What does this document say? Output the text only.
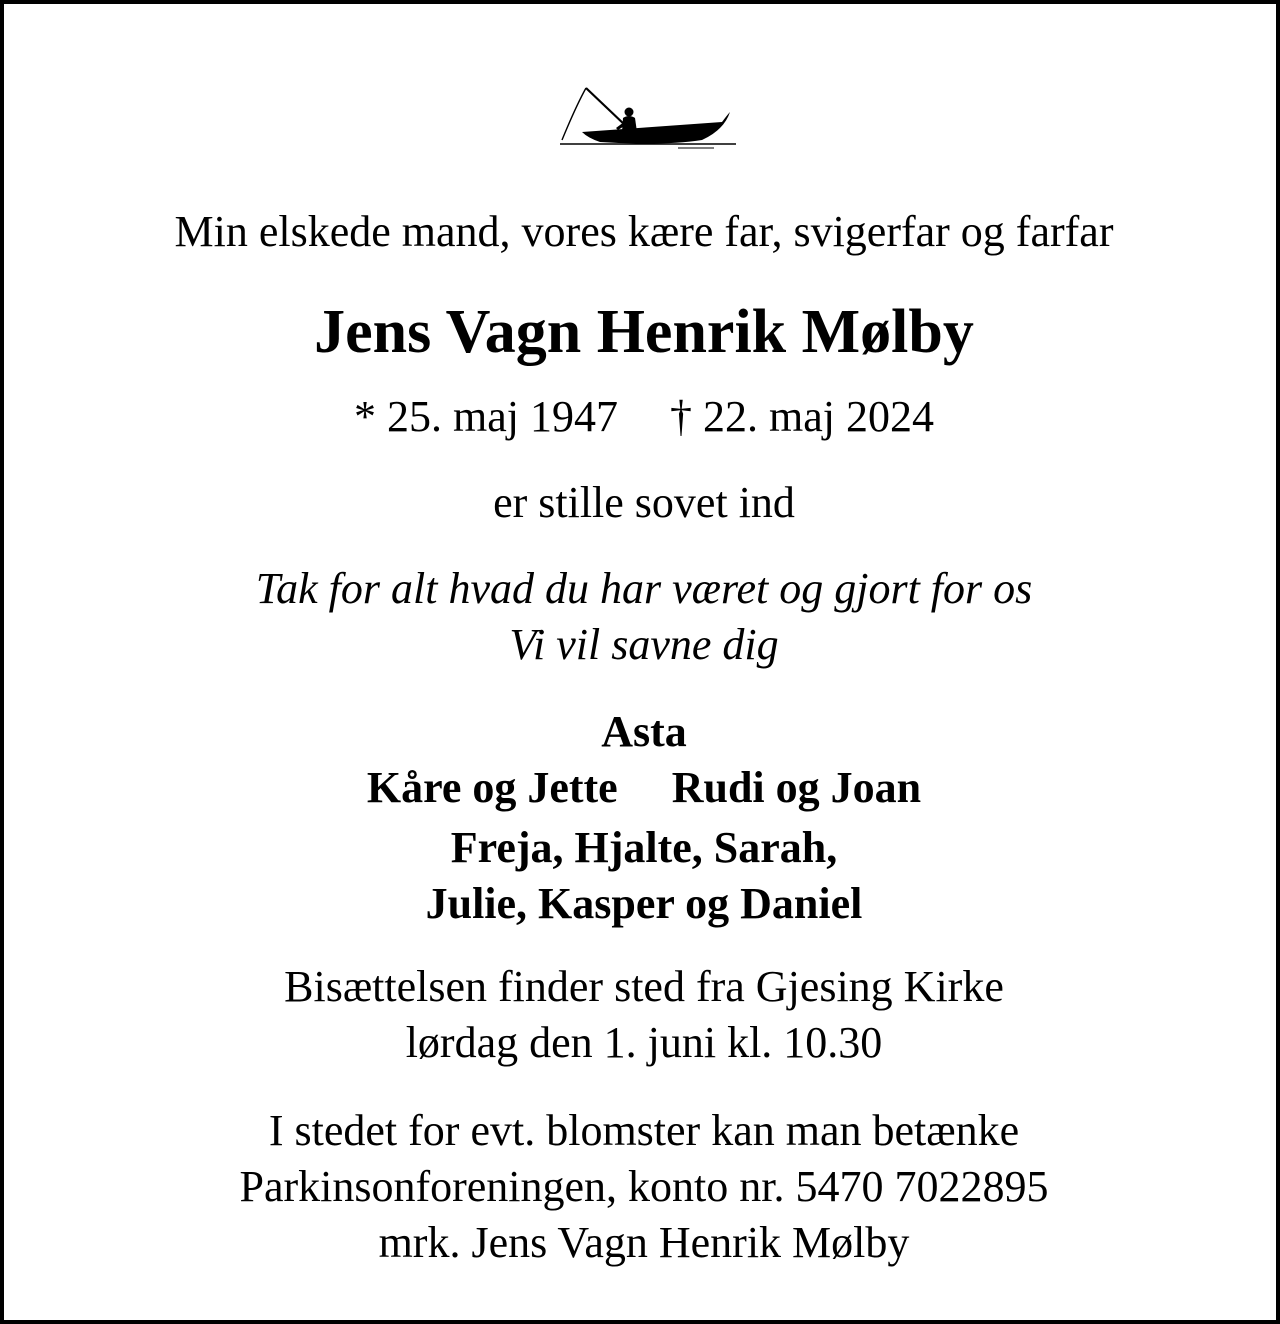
Min elskede mand, vores kære far, svigerfar og farfar
Jens Vagn Henrik Mølby
* 25. maj 1947 † 22. maj 2024
er stille sovet ind
Tak for alt hvad du har været og gjort for os
Vi vil savne dig
Asta
Kåre og Jette Rudi og Joan
Freja, Hjalte, Sarah,
Julie, Kasper og Daniel
Bisættelsen finder sted fra Gjesing Kirke
lørdag den 1. juni kl. 10.30
I stedet for evt. blomster kan man betænke
Parkinsonforeningen, konto nr. 5470 7022895
mrk. Jens Vagn Henrik Mølby
